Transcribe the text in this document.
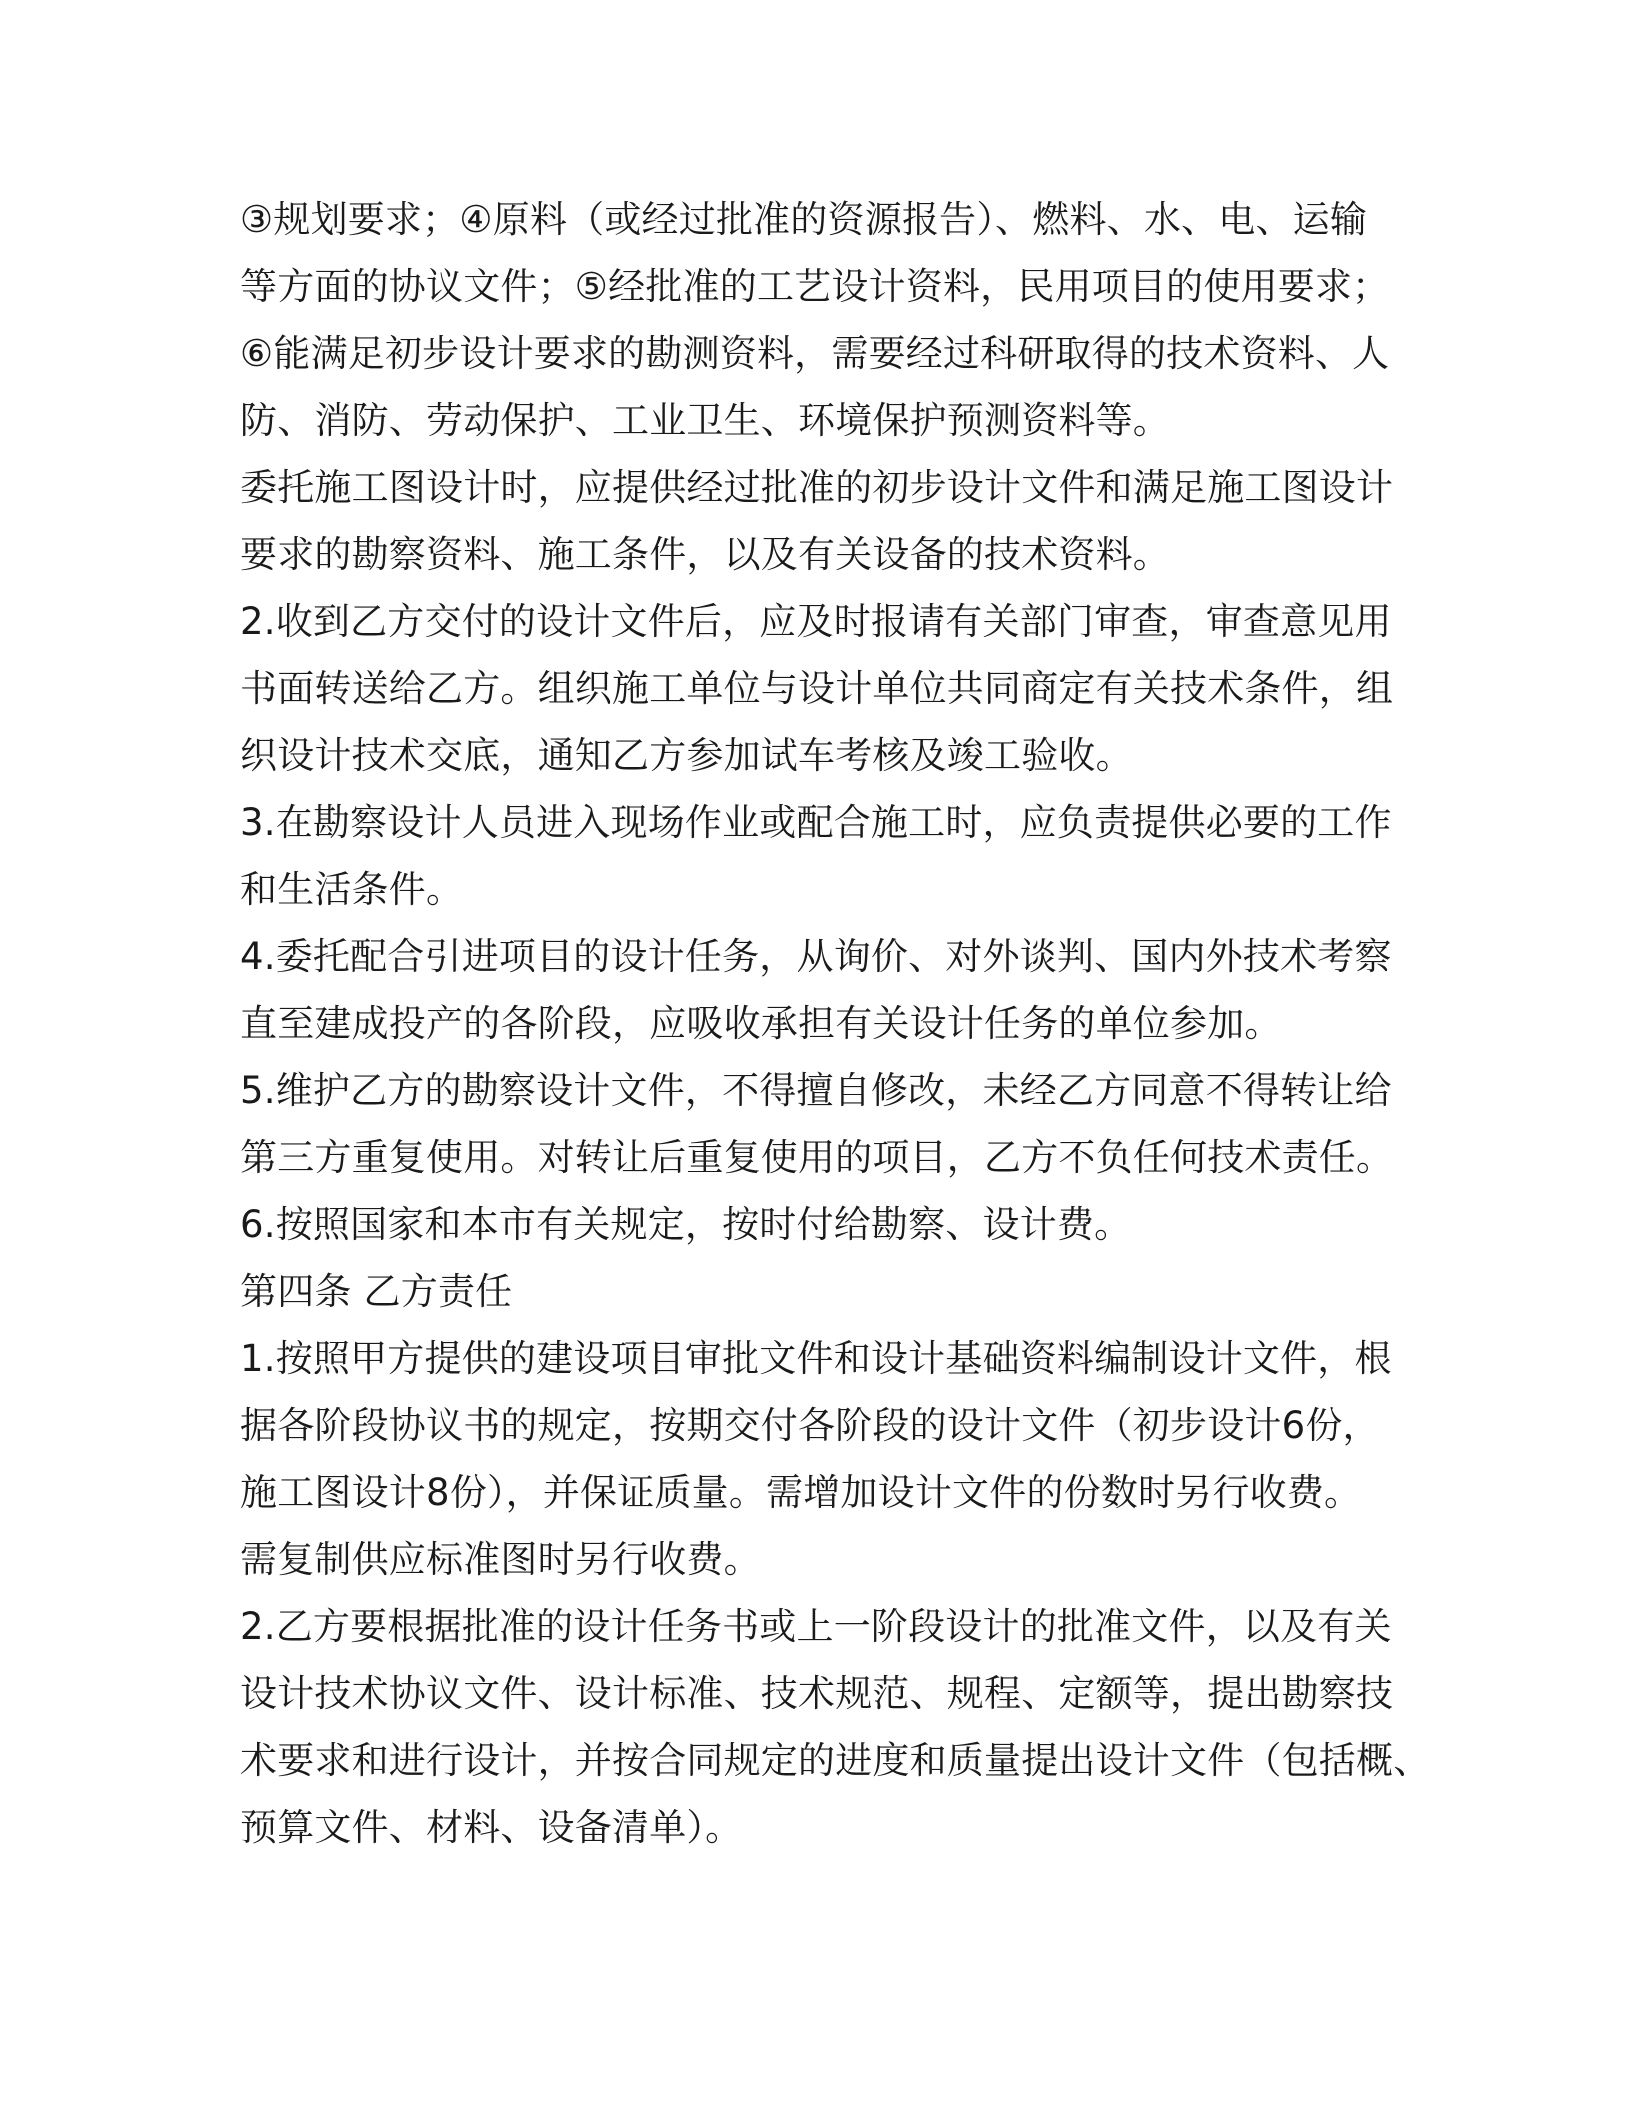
③规划要求；④原料（或经过批准的资源报告）、燃料、水、电、运输
等方面的协议文件；⑤经批准的工艺设计资料，民用项目的使用要求；
⑥能满足初步设计要求的勘测资料，需要经过科研取得的技术资料、人
防、消防、劳动保护、工业卫生、环境保护预测资料等。
委托施工图设计时，应提供经过批准的初步设计文件和满足施工图设计
要求的勘察资料、施工条件，以及有关设备的技术资料。
2.收到乙方交付的设计文件后，应及时报请有关部门审查，审查意见用
书面转送给乙方。组织施工单位与设计单位共同商定有关技术条件，组
织设计技术交底，通知乙方参加试车考核及竣工验收。
3.在勘察设计人员进入现场作业或配合施工时，应负责提供必要的工作
和生活条件。
4.委托配合引进项目的设计任务，从询价、对外谈判、国内外技术考察
直至建成投产的各阶段，应吸收承担有关设计任务的单位参加。
5.维护乙方的勘察设计文件，不得擅自修改，未经乙方同意不得转让给
第三方重复使用。对转让后重复使用的项目，乙方不负任何技术责任。
6.按照国家和本市有关规定，按时付给勘察、设计费。
第四条 乙方责任
1.按照甲方提供的建设项目审批文件和设计基础资料编制设计文件，根
据各阶段协议书的规定，按期交付各阶段的设计文件（初步设计6份，
施工图设计8份），并保证质量。需增加设计文件的份数时另行收费。
需复制供应标准图时另行收费。
2.乙方要根据批准的设计任务书或上一阶段设计的批准文件，以及有关
设计技术协议文件、设计标准、技术规范、规程、定额等，提出勘察技
术要求和进行设计，并按合同规定的进度和质量提出设计文件（包括概、
预算文件、材料、设备清单）。
